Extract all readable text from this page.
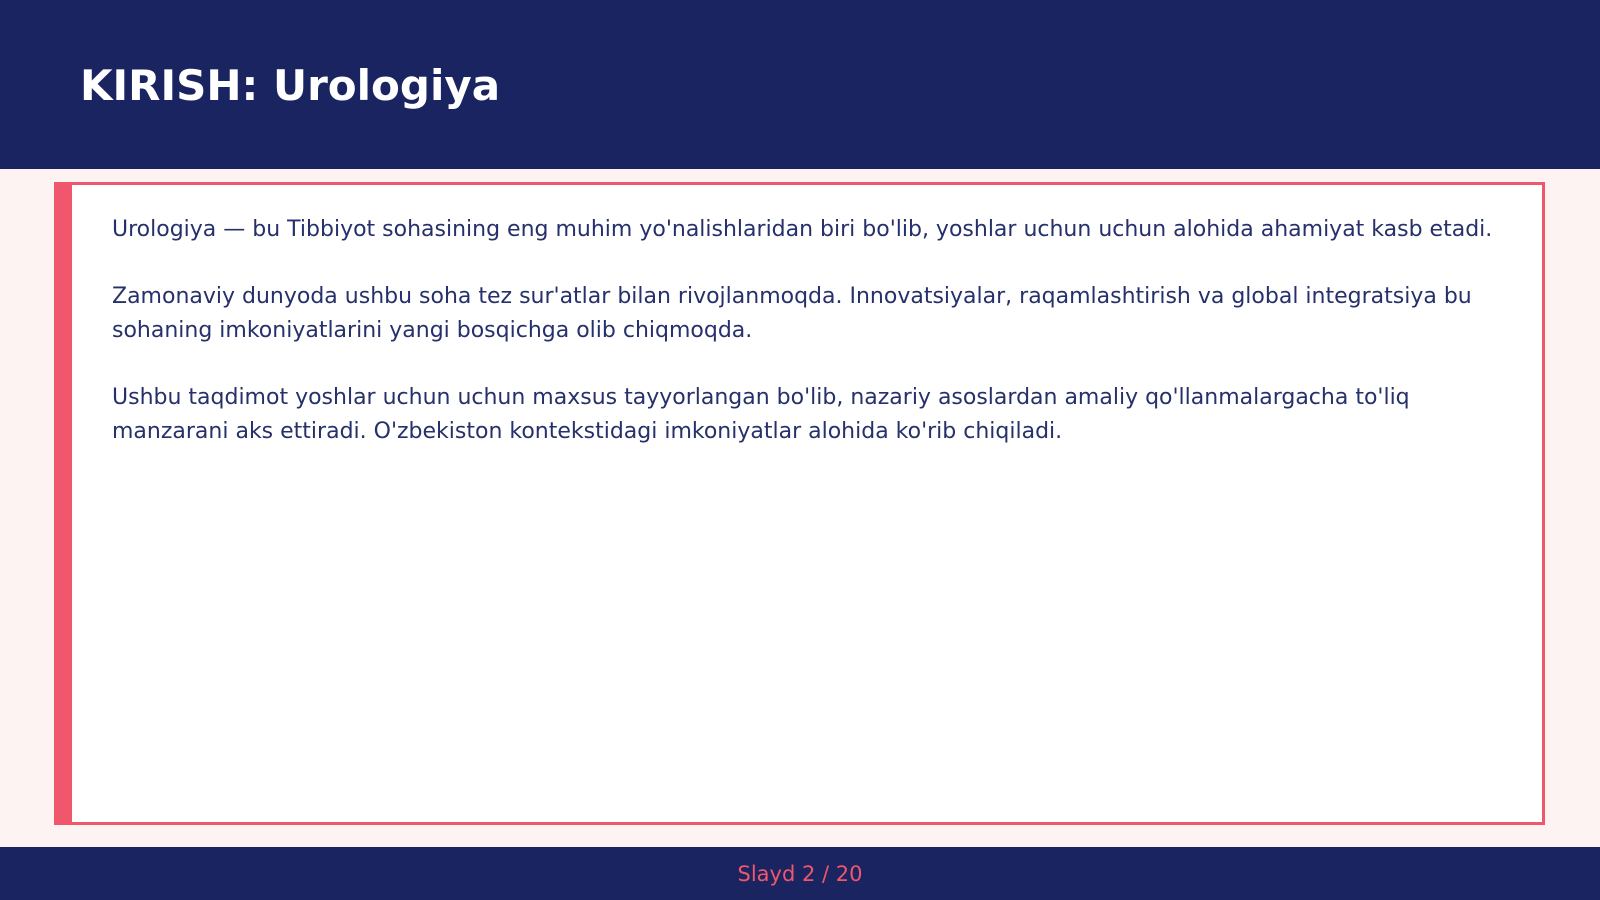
KIRISH: Urologiya

Urologiya — bu Tibbiyot sohasining eng muhim yo'nalishlaridan biri bo'lib, yoshlar uchun uchun alohida ahamiyat kasb etadi.

Zamonaviy dunyoda ushbu soha tez sur'atlar bilan rivojlanmoqda. Innovatsiyalar, raqamlashtirish va global integratsiya bu sohaning imkoniyatlarini yangi bosqichga olib chiqmoqda.

Ushbu taqdimot yoshlar uchun uchun maxsus tayyorlangan bo'lib, nazariy asoslardan amaliy qo'llanmalargacha to'liq manzarani aks ettiradi. O'zbekiston kontekstidagi imkoniyatlar alohida ko'rib chiqiladi.

Slayd 2 / 20
